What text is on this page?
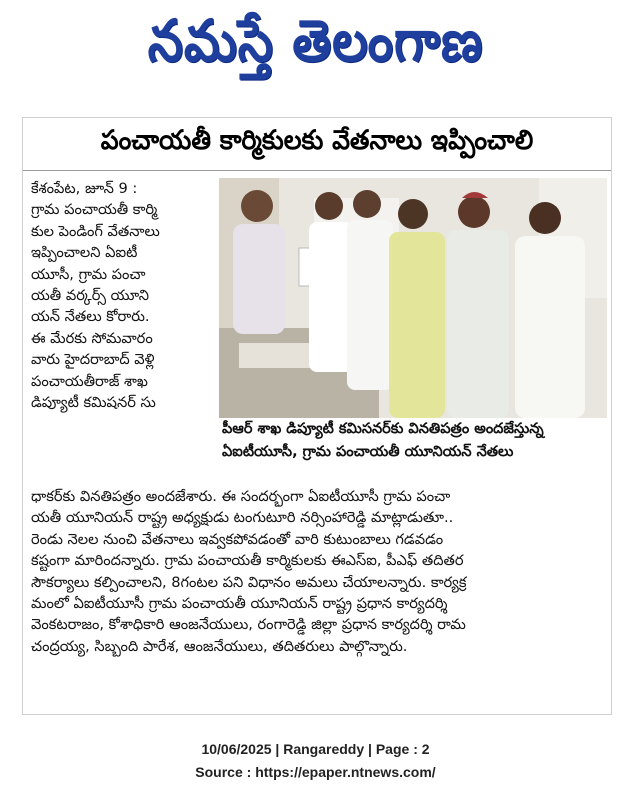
నమస్తే తెలంగాణ
పంచాయతీ కార్మికులకు వేతనాలు ఇప్పించాలి
కేశంపేట, జూన్ 9 :
గ్రామ పంచాయతీ కార్మి
కుల పెండింగ్ వేతనాలు
ఇప్పించాలని ఏఐటీ
యూసీ, గ్రామ పంచా
యతీ వర్కర్స్ యూని
యన్ నేతలు కోరారు.
ఈ మేరకు సోమవారం
వారు హైదరాబాద్ వెళ్లి
పంచాయతీరాజ్ శాఖ
డిప్యూటీ కమిషనర్ సు
పీఆర్ శాఖ డిప్యూటీ కమిసనర్‌కు వినతిపత్రం అందజేస్తున్న
ఏఐటీయూసీ, గ్రామ పంచాయతీ యూనియన్ నేతలు
ధాకర్‌కు వినతిపత్రం అందజేశారు. ఈ సందర్భంగా ఏఐటీయూసీ గ్రామ పంచా
యతీ యూనియన్ రాష్ట్ర అధ్యక్షుడు టంగుటూరి నర్సింహారెడ్డి మాట్లాడుతూ..
రెండు నెలల నుంచి వేతనాలు ఇవ్వకపోవడంతో వారి కుటుంబాలు గడవడం
కష్టంగా మారిందన్నారు. గ్రామ పంచాయతీ కార్మికులకు ఈఎస్ఐ, పీఎఫ్ తదితర
సౌకర్యాలు కల్పించాలని, 8గంటల పని విధానం అమలు చేయాలన్నారు. కార్యక్ర
మంలో ఏఐటీయూసీ గ్రామ పంచాయతీ యూనియన్ రాష్ట్ర ప్రధాన కార్యదర్శి
వెంకటరాజం, కోశాధికారి ఆంజనేయులు, రంగారెడ్డి జిల్లా ప్రధాన కార్యదర్శి రామ
చంద్రయ్య, సిబ్బంది పారేశ, ఆంజనేయులు, తదితరులు పాల్గొన్నారు.
10/06/2025 | Rangareddy | Page : 2
Source : https://epaper.ntnews.com/
